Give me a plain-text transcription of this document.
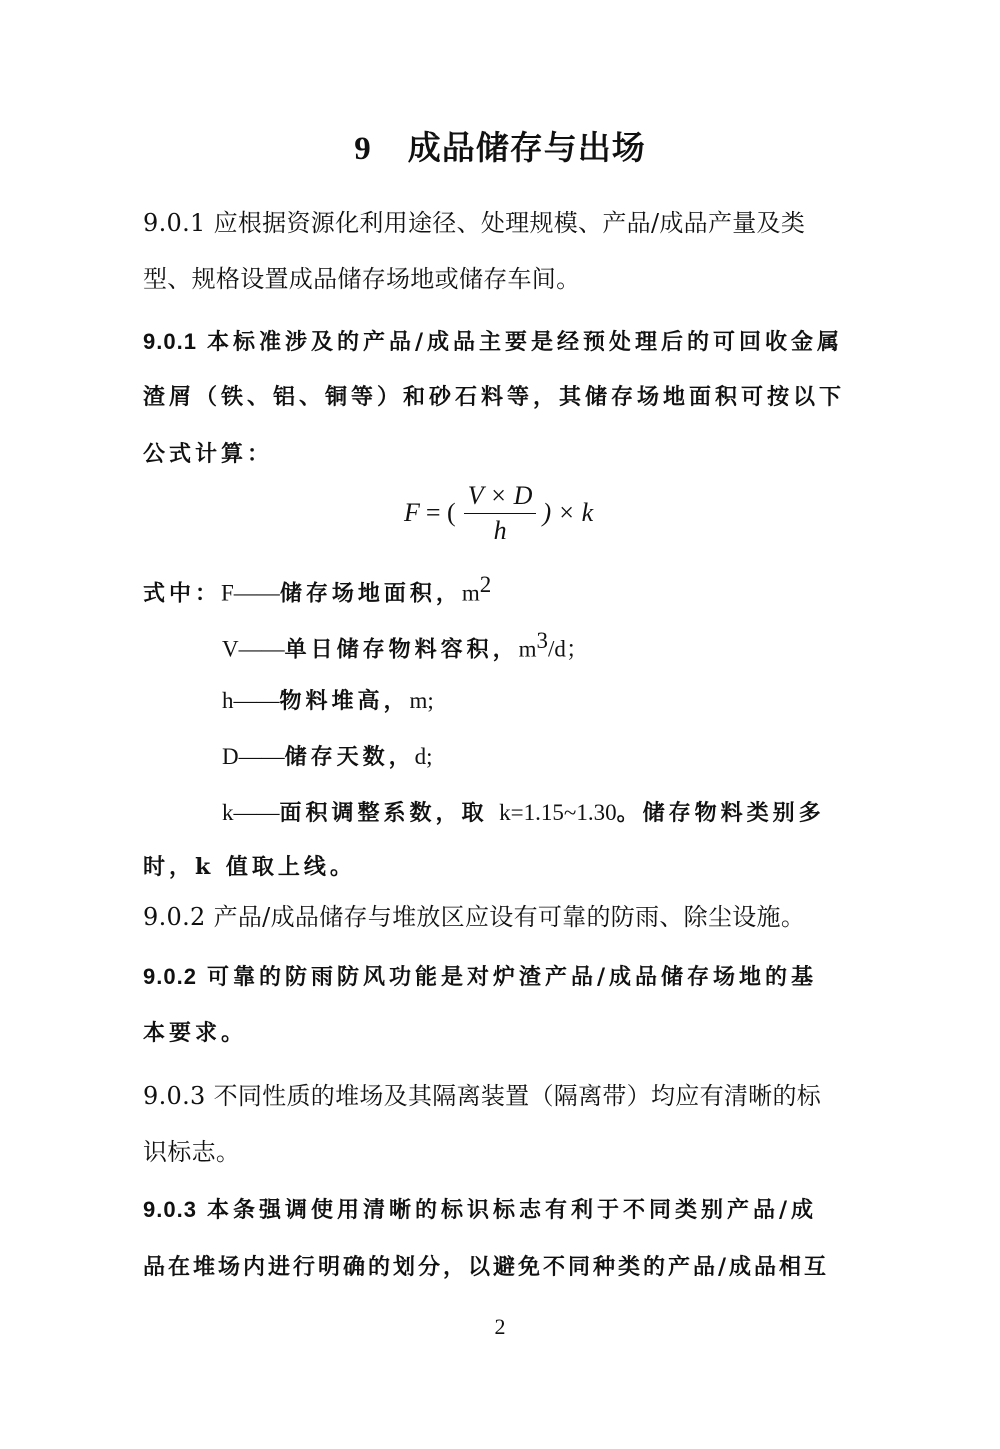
9 成品储存与出场
9.0.1 应根据资源化利用途径、处理规模、产品/成品产量及类
型、规格设置成品储存场地或储存车间。
9.0.1 本标准涉及的产品/成品主要是经预处理后的可回收金属
渣屑（铁、铝、铜等）和砂石料等，其储存场地面积可按以下
公式计算：
F = ( $\frac{V \times D}{h}$ ) × k
式中：F——储存场地面积，$m^2$
V——单日储存物料容积，$m^3/d$；
h——物料堆高，m;
D——储存天数，d;
k——面积调整系数，取 k=1.15~1.30。储存物料类别多
时，k 值取上线。
9.0.2 产品/成品储存与堆放区应设有可靠的防雨、除尘设施。
9.0.2 可靠的防雨防风功能是对炉渣产品/成品储存场地的基
本要求。
9.0.3 不同性质的堆场及其隔离装置（隔离带）均应有清晰的标
识标志。
9.0.3 本条强调使用清晰的标识标志有利于不同类别产品/成
品在堆场内进行明确的划分，以避免不同种类的产品/成品相互
2
